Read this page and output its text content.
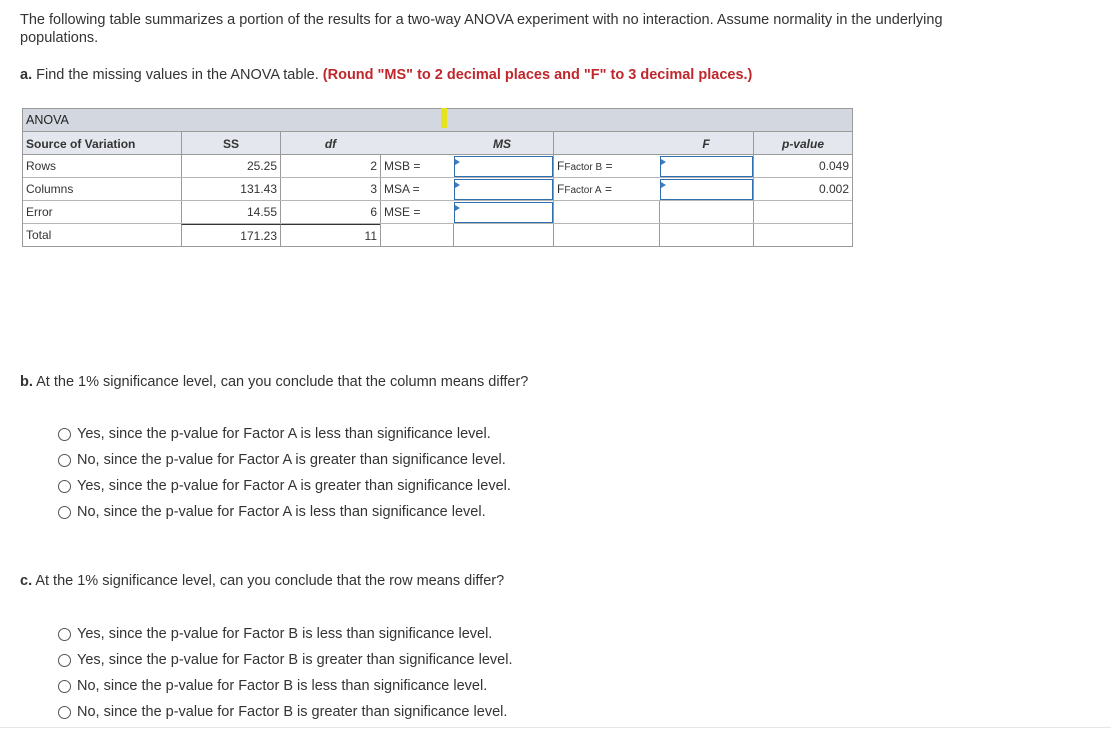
The following table summarizes a portion of the results for a two-way ANOVA experiment with no interaction. Assume normality in the underlying populations.
a. Find the missing values in the ANOVA table. (Round "MS" to 2 decimal places and "F" to 3 decimal places.)
ANOVA
Source of Variation	SS	df	MS	F	p-value
Rows	25.25	2 MSB =	FFactor B =	0.049
Columns	131.43	3 MSA =	FFactor A =	0.002
Error	14.55	6 MSE =
Total	171.23	11
b. At the 1% significance level, can you conclude that the column means differ?
Yes, since the p-value for Factor A is less than significance level.
No, since the p-value for Factor A is greater than significance level.
Yes, since the p-value for Factor A is greater than significance level.
No, since the p-value for Factor A is less than significance level.
c. At the 1% significance level, can you conclude that the row means differ?
Yes, since the p-value for Factor B is less than significance level.
Yes, since the p-value for Factor B is greater than significance level.
No, since the p-value for Factor B is less than significance level.
No, since the p-value for Factor B is greater than significance level.
